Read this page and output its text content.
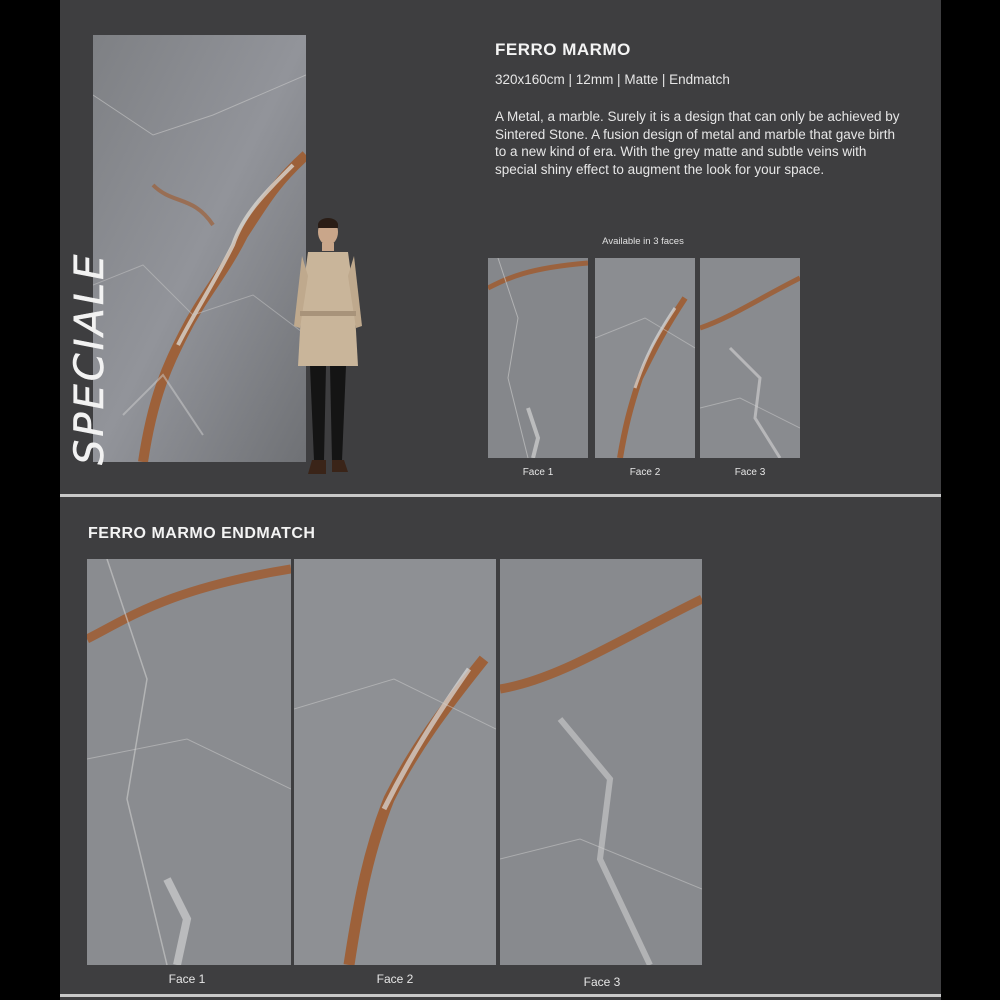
SPECIALE
FERRO MARMO
320x160cm | 12mm | Matte | Endmatch
A Metal, a marble. Surely it is a design that can only be achieved by Sintered Stone. A fusion design of metal and marble that gave birth to a new kind of era. With the grey matte and subtle veins with special shiny effect to augment the look for your space.
Available in 3 faces
Face 1	Face 2	Face 3
FERRO MARMO ENDMATCH
Face 1	Face 2	Face 3
